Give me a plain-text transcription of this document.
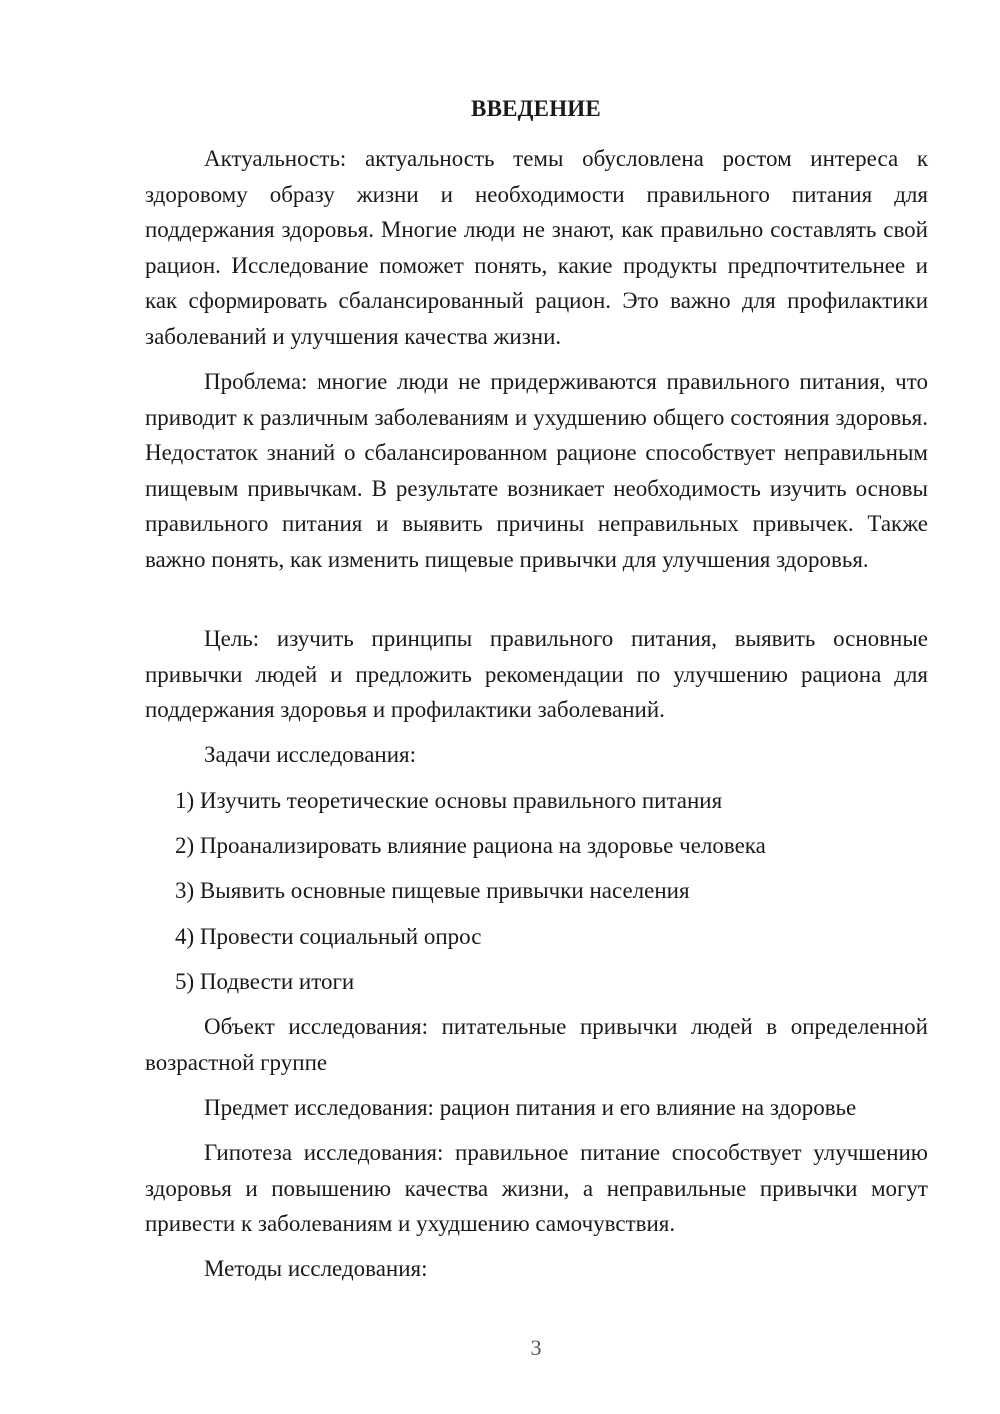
ВВЕДЕНИЕ

Актуальность: актуальность темы обусловлена ростом интереса к здоровому образу жизни и необходимости правильного питания для поддержания здоровья. Многие люди не знают, как правильно составлять свой рацион. Исследование поможет понять, какие продукты предпочтительнее и как сформировать сбалансированный рацион. Это важно для профилактики заболеваний и улучшения качества жизни.

Проблема: многие люди не придерживаются правильного питания, что приводит к различным заболеваниям и ухудшению общего состояния здоровья. Недостаток знаний о сбалансированном рационе способствует неправильным пищевым привычкам. В результате возникает необходимость изучить основы правильного питания и выявить причины неправильных привычек. Также важно понять, как изменить пищевые привычки для улучшения здоровья.

Цель: изучить принципы правильного питания, выявить основные привычки людей и предложить рекомендации по улучшению рациона для поддержания здоровья и профилактики заболеваний.

Задачи исследования:
1) Изучить теоретические основы правильного питания
2) Проанализировать влияние рациона на здоровье человека
3) Выявить основные пищевые привычки населения
4) Провести социальный опрос
5) Подвести итоги

Объект исследования: питательные привычки людей в определенной возрастной группе

Предмет исследования: рацион питания и его влияние на здоровье

Гипотеза исследования: правильное питание способствует улучшению здоровья и повышению качества жизни, а неправильные привычки могут привести к заболеваниям и ухудшению самочувствия.

Методы исследования:

3
